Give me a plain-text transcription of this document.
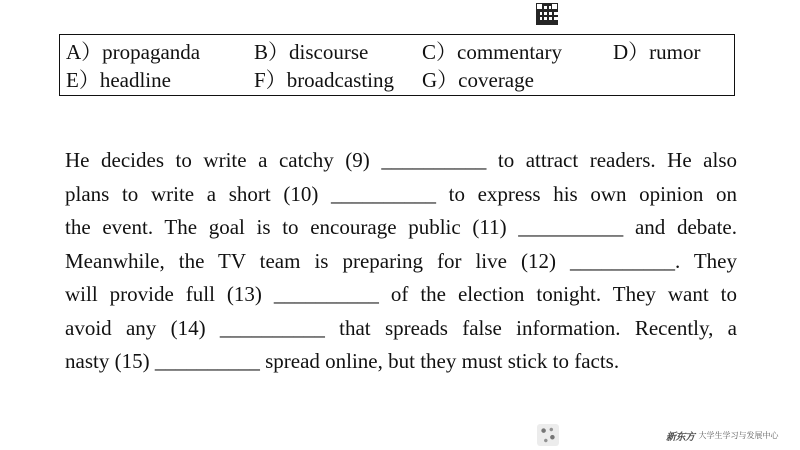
A）propaganda	B）discourse	C）commentary D）rumor
E）headline	F）broadcasting G）coverage
He decides to write a catchy (9) __________ to attract readers. He also
plans to write a short (10) __________ to express his own opinion on
the event. The goal is to encourage public (11) __________ and debate.
Meanwhile, the TV team is preparing for live (12) __________. They
will provide full (13) __________ of the election tonight. They want to
avoid any (14) __________ that spreads false information. Recently, a
nasty (15) __________ spread online, but they must stick to facts.
新东方 大学生学习与发展中心
